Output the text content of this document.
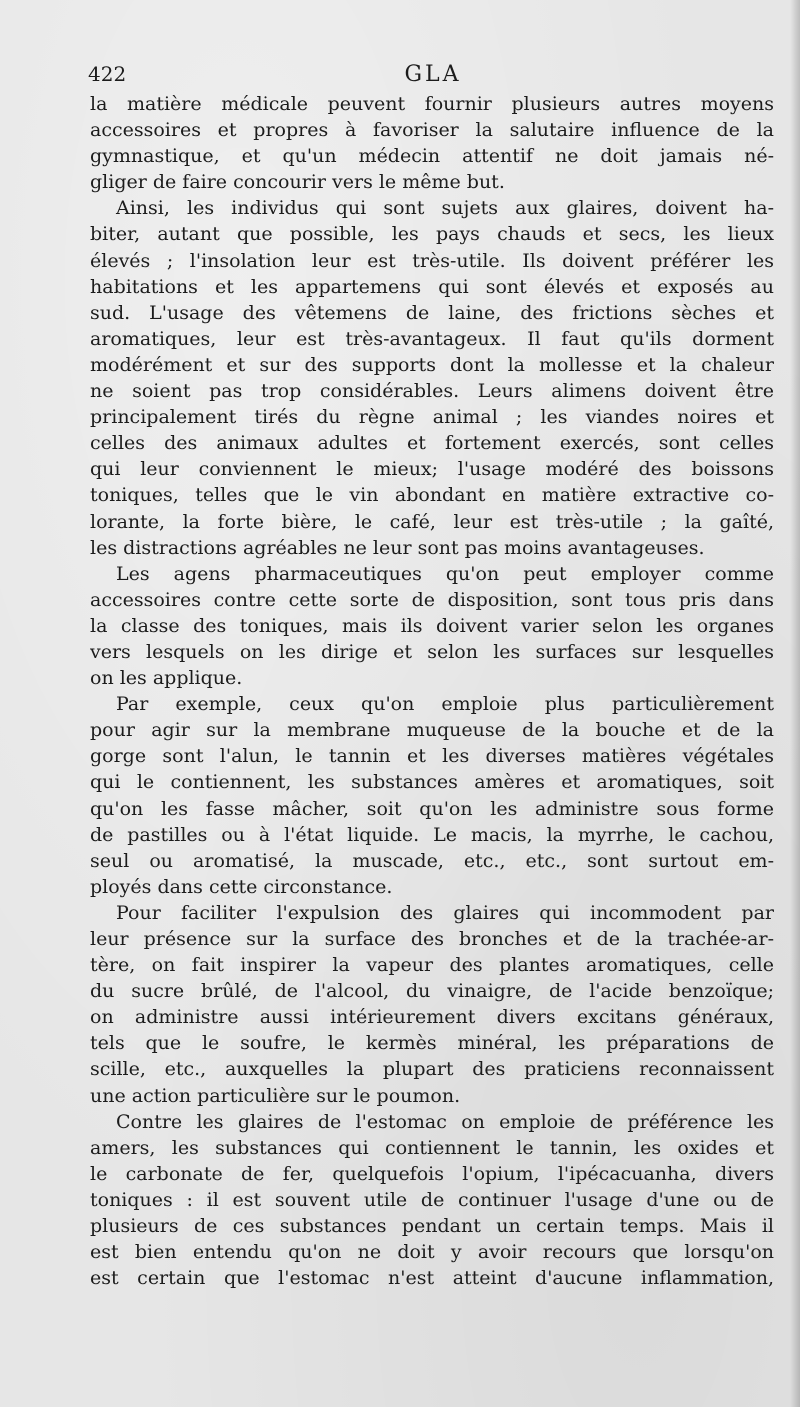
422	GLA
la matière médicale peuvent fournir plusieurs autres moyens
accessoires et propres à favoriser la salutaire influence de la
gymnastique, et qu'un médecin attentif ne doit jamais né-
gliger de faire concourir vers le même but.
Ainsi, les individus qui sont sujets aux glaires, doivent ha-
biter, autant que possible, les pays chauds et secs, les lieux
élevés ; l'insolation leur est très-utile. Ils doivent préférer les
habitations et les appartemens qui sont élevés et exposés au
sud. L'usage des vêtemens de laine, des frictions sèches et
aromatiques, leur est très-avantageux. Il faut qu'ils dorment
modérément et sur des supports dont la mollesse et la chaleur
ne soient pas trop considérables. Leurs alimens doivent être
principalement tirés du règne animal ; les viandes noires et
celles des animaux adultes et fortement exercés, sont celles
qui leur conviennent le mieux; l'usage modéré des boissons
toniques, telles que le vin abondant en matière extractive co-
lorante, la forte bière, le café, leur est très-utile ; la gaîté,
les distractions agréables ne leur sont pas moins avantageuses.
Les agens pharmaceutiques qu'on peut employer comme
accessoires contre cette sorte de disposition, sont tous pris dans
la classe des toniques, mais ils doivent varier selon les organes
vers lesquels on les dirige et selon les surfaces sur lesquelles
on les applique.
Par exemple, ceux qu'on emploie plus particulièrement
pour agir sur la membrane muqueuse de la bouche et de la
gorge sont l'alun, le tannin et les diverses matières végétales
qui le contiennent, les substances amères et aromatiques, soit
qu'on les fasse mâcher, soit qu'on les administre sous forme
de pastilles ou à l'état liquide. Le macis, la myrrhe, le cachou,
seul ou aromatisé, la muscade, etc., etc., sont surtout em-
ployés dans cette circonstance.
Pour faciliter l'expulsion des glaires qui incommodent par
leur présence sur la surface des bronches et de la trachée-ar-
tère, on fait inspirer la vapeur des plantes aromatiques, celle
du sucre brûlé, de l'alcool, du vinaigre, de l'acide benzoïque;
on administre aussi intérieurement divers excitans généraux,
tels que le soufre, le kermès minéral, les préparations de
scille, etc., auxquelles la plupart des praticiens reconnaissent
une action particulière sur le poumon.
Contre les glaires de l'estomac on emploie de préférence les
amers, les substances qui contiennent le tannin, les oxides et
le carbonate de fer, quelquefois l'opium, l'ipécacuanha, divers
toniques : il est souvent utile de continuer l'usage d'une ou de
plusieurs de ces substances pendant un certain temps. Mais il
est bien entendu qu'on ne doit y avoir recours que lorsqu'on
est certain que l'estomac n'est atteint d'aucune inflammation,
